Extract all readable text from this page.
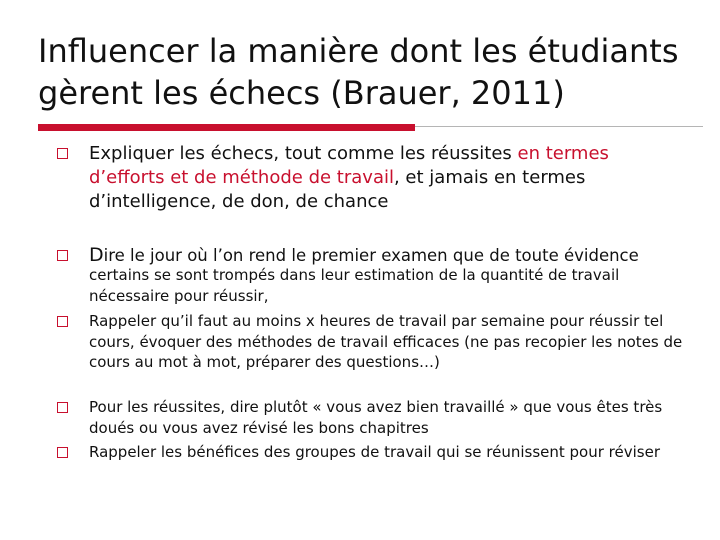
Influencer la manière dont les étudiants
gèrent les échecs (Brauer, 2011)
Expliquer les échecs, tout comme les réussites en termes d’efforts et de méthode de travail, et jamais en termes d’intelligence, de don, de chance
Dire le jour où l’on rend le premier examen que de toute évidence
certains se sont trompés dans leur estimation de la quantité de travail nécessaire pour réussir,
Rappeler qu’il faut au moins x heures de travail par semaine pour réussir tel cours, évoquer des méthodes de travail efficaces (ne pas recopier les notes de cours au mot à mot, préparer des questions…)
Pour les réussites, dire plutôt « vous avez bien travaillé » que vous êtes très doués ou vous avez révisé les bons chapitres
Rappeler les bénéfices des groupes de travail qui se réunissent pour réviser
